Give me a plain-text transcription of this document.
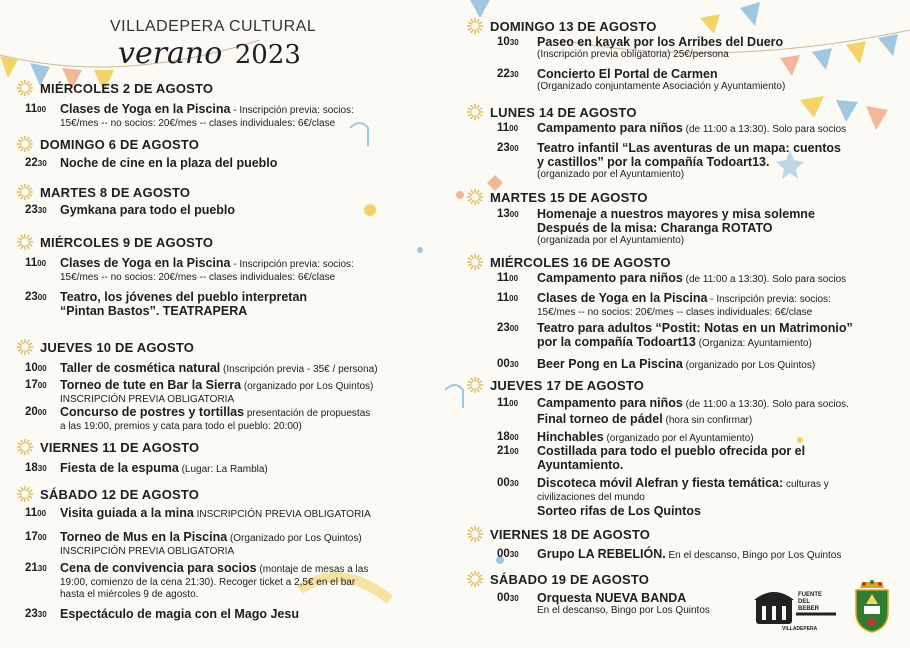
VILLADEPERA CULTURAL
verano 2023
MIÉRCOLES 2 DE AGOSTO
1100 Clases de Yoga en la Piscina - Inscripción previa: socios:
15€/mes -- no socios: 20€/mes -- clases individuales: 6€/clase
DOMINGO 6 DE AGOSTO
2230 Noche de cine en la plaza del pueblo
MARTES 8 DE AGOSTO
2330 Gymkana para todo el pueblo
MIÉRCOLES 9 DE AGOSTO
1100 Clases de Yoga en la Piscina - Inscripción previa: socios:
15€/mes -- no socios: 20€/mes -- clases individuales: 6€/clase
2300 Teatro, los jóvenes del pueblo interpretan
“Pintan Bastos”. TEATRAPERA
JUEVES 10 DE AGOSTO
1000 Taller de cosmética natural (Inscripción previa - 35€ / persona)
1700 Torneo de tute en Bar la Sierra (organizado por Los Quintos)
INSCRIPCIÓN PREVIA OBLIGATORIA
2000 Concurso de postres y tortillas presentación de propuestas
a las 19:00, premios y cata para todo el pueblo: 20:00)
VIERNES 11 DE AGOSTO
1830 Fiesta de la espuma (Lugar: La Rambla)
SÁBADO 12 DE AGOSTO
1100 Visita guiada a la mina INSCRIPCIÓN PREVIA OBLIGATORIA
1700 Torneo de Mus en la Piscina (Organizado por Los Quintos)
INSCRIPCIÓN PREVIA OBLIGATORIA
2130 Cena de convivencia para socios (montaje de mesas a las
19:00, comienzo de la cena 21:30). Recoger ticket a 2,5€ en el bar
hasta el miércoles 9 de agosto.
2330 Espectáculo de magia con el Mago Jesu
DOMINGO 13 DE AGOSTO
1030 Paseo en kayak por los Arribes del Duero
(Inscripción previa obligatoria) 25€/persona
2230 Concierto El Portal de Carmen
(Organizado conjuntamente Asociación y Ayuntamiento)
LUNES 14 DE AGOSTO
1100 Campamento para niños (de 11:00 a 13:30). Solo para socios
2300 Teatro infantil “Las aventuras de un mapa: cuentos
y castillos” por la compañía Todoart13.
(organizado por el Ayuntamiento)
MARTES 15 DE AGOSTO
1300 Homenaje a nuestros mayores y misa solemne
Después de la misa: Charanga ROTATO
(organizada por el Ayuntamiento)
MIÉRCOLES 16 DE AGOSTO
1100 Campamento para niños (de 11:00 a 13:30). Solo para socios
1100 Clases de Yoga en la Piscina - Inscripción previa: socios:
15€/mes -- no socios: 20€/mes -- clases individuales: 6€/clase
2300 Teatro para adultos “Postit: Notas en un Matrimonio”
por la compañía Todoart13 (Organiza: Ayuntamiento)
0030 Beer Pong en La Piscina (organizado por Los Quintos)
JUEVES 17 DE AGOSTO
1100 Campamento para niños (de 11:00 a 13:30). Solo para socios.
Final torneo de pádel (hora sin confirmar)
1800 Hinchables (organizado por el Ayuntamiento)
2100 Costillada para todo el pueblo ofrecida por el
Ayuntamiento.
0030 Discoteca móvil Alefran y fiesta temática: culturas y
civilizaciones del mundo
Sorteo rifas de Los Quintos
VIERNES 18 DE AGOSTO
0030 Grupo LA REBELIÓN. En el descanso, Bingo por Los Quintos
SÁBADO 19 DE AGOSTO
0030 Orquesta NUEVA BANDA
En el descanso, Bingo por Los Quintos
FUENTE
DEL
BEBER
VILLADEPERA
